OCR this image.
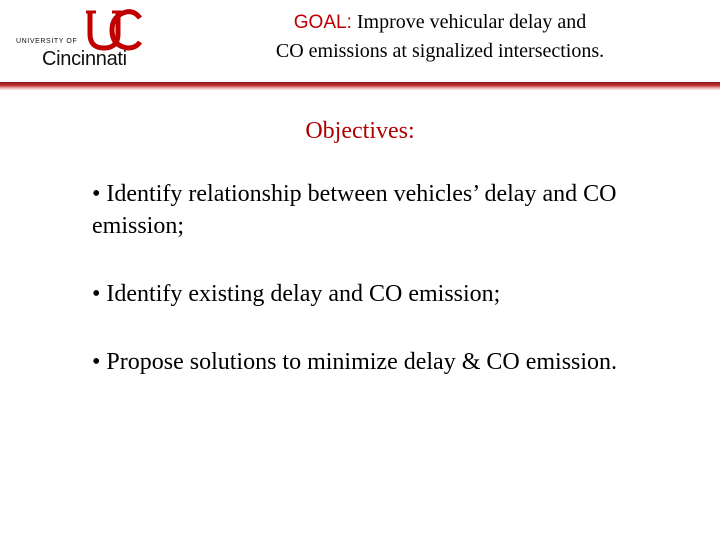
UNIVERSITY OF
Cincinnati
GOAL: Improve vehicular delay and
CO emissions at signalized intersections.
Objectives:
• Identify relationship between vehicles’ delay and CO emission;
• Identify existing delay and CO emission;
• Propose solutions to minimize delay & CO emission.
